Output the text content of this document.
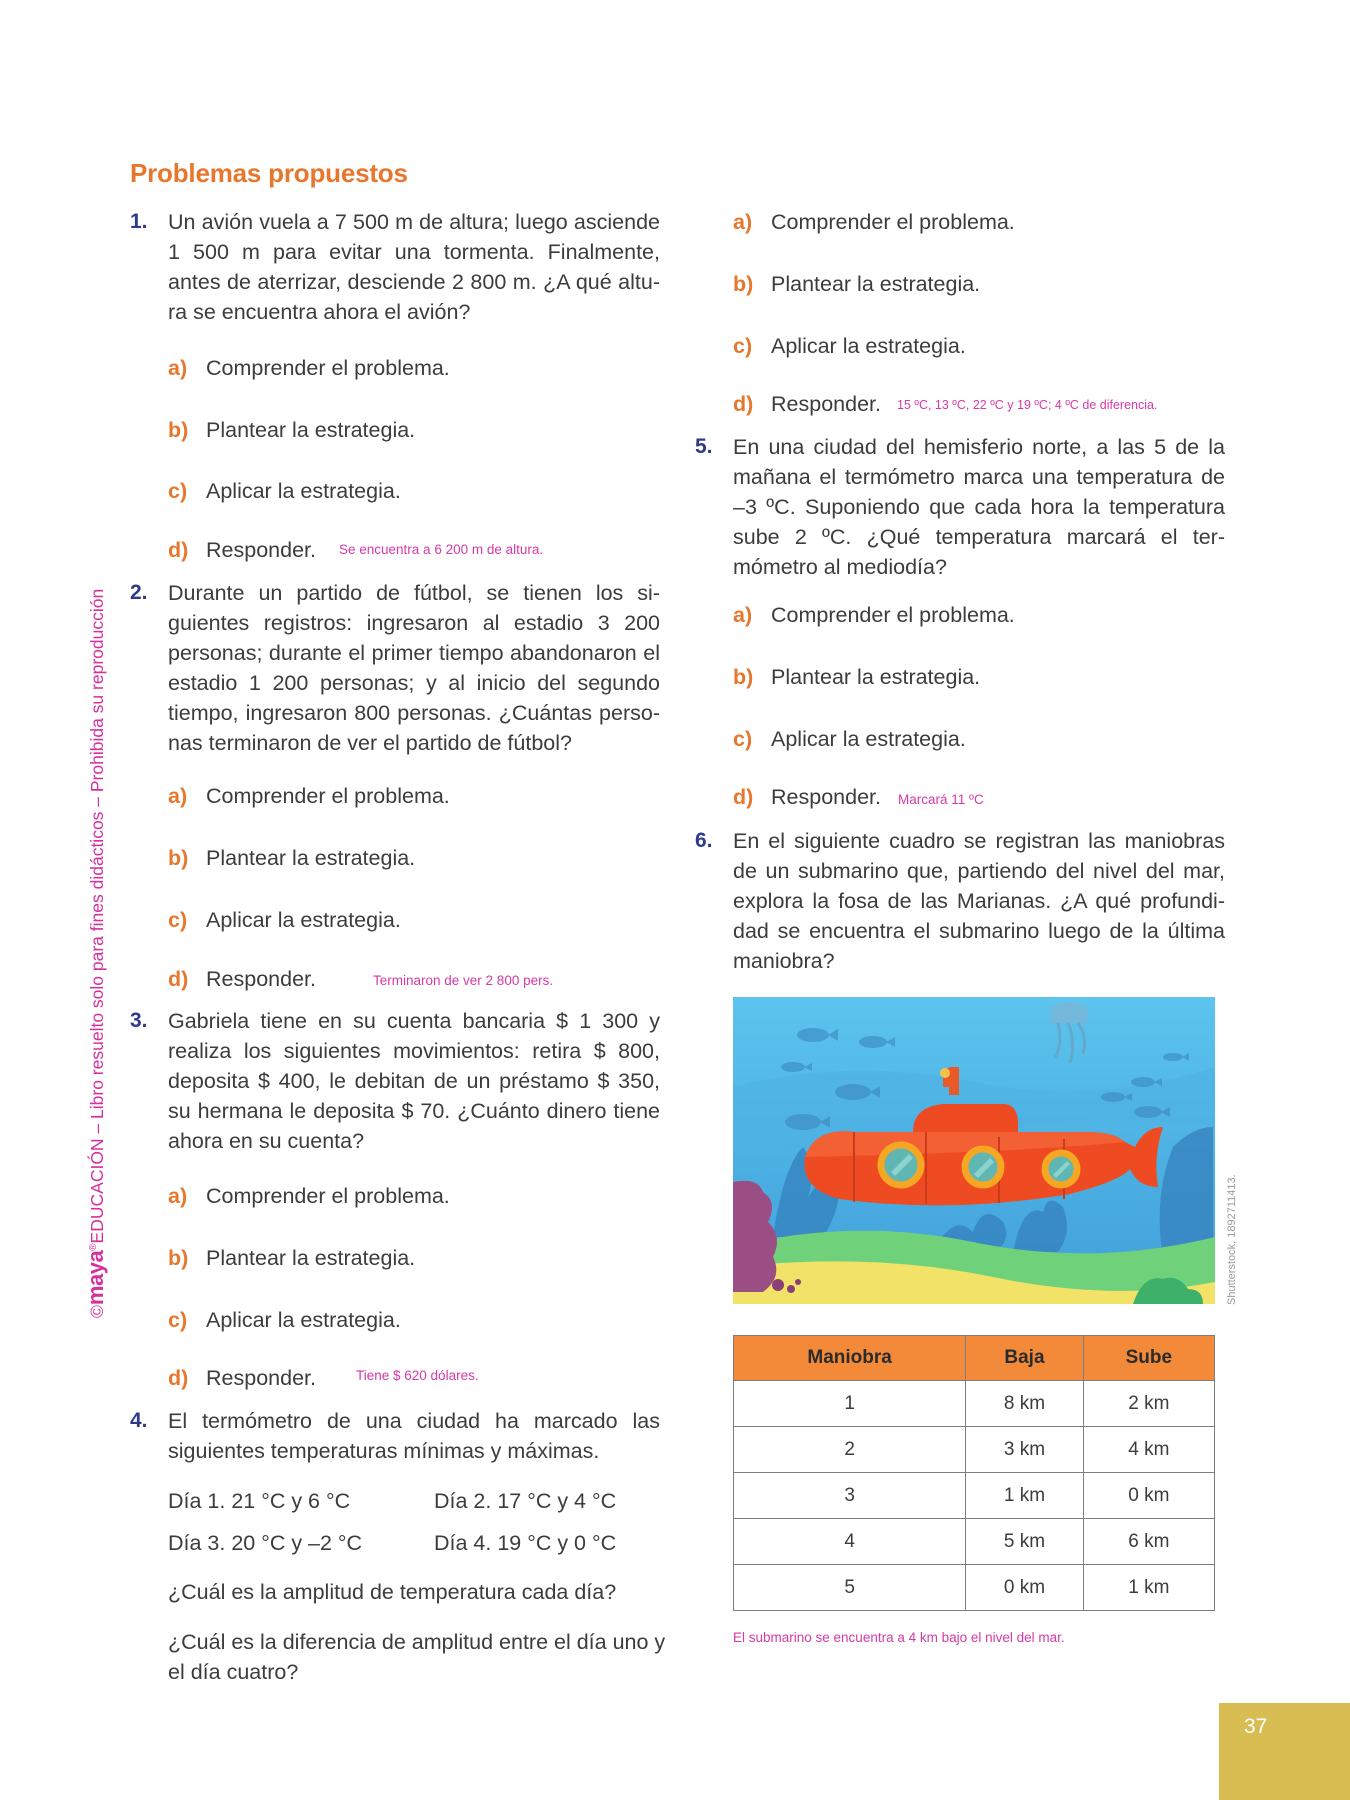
©maya®EDUCACIÓN – Libro resuelto solo para fines didácticos – Prohibida su reproducción
Problemas propuestos
1. Un avión vuela a 7 500 m de altura; luego asciende 1 500 m para evitar una tormenta. Finalmente, antes de aterrizar, desciende 2 800 m. ¿A qué altura se encuentra ahora el avión?
a) Comprender el problema.
b) Plantear la estrategia.
c) Aplicar la estrategia.
d) Responder. Se encuentra a 6 200 m de altura.
2. Durante un partido de fútbol, se tienen los siguientes registros: ingresaron al estadio 3 200 personas; durante el primer tiempo abandonaron el estadio 1 200 personas; y al inicio del segundo tiempo, ingresaron 800 personas. ¿Cuántas personas terminaron de ver el partido de fútbol?
a) Comprender el problema.
b) Plantear la estrategia.
c) Aplicar la estrategia.
d) Responder.	Terminaron de ver 2 800 pers.
3. Gabriela tiene en su cuenta bancaria $ 1 300 y realiza los siguientes movimientos: retira $ 800, deposita $ 400, le debitan de un préstamo $ 350, su hermana le deposita $ 70. ¿Cuánto dinero tiene ahora en su cuenta?
a) Comprender el problema.
b) Plantear la estrategia.
c) Aplicar la estrategia.
d) Responder.	Tiene $ 620 dólares.
4. El termómetro de una ciudad ha marcado las siguientes temperaturas mínimas y máximas.
Día 1. 21 °C y 6 °C	Día 2. 17 °C y 4 °C
Día 3. 20 °C y –2 °C	Día 4. 19 °C y 0 °C
¿Cuál es la amplitud de temperatura cada día?
¿Cuál es la diferencia de amplitud entre el día uno y el día cuatro?
a) Comprender el problema.
b) Plantear la estrategia.
c) Aplicar la estrategia.
d) Responder. 15 ºC, 13 ºC, 22 ºC y 19 ºC; 4 ºC de diferencia.
5. En una ciudad del hemisferio norte, a las 5 de la mañana el termómetro marca una temperatura de –3 ºC. Suponiendo que cada hora la temperatura sube 2 ºC. ¿Qué temperatura marcará el termómetro al mediodía?
a) Comprender el problema.
b) Plantear la estrategia.
c) Aplicar la estrategia.
d) Responder. Marcará 11 ºC
6. En el siguiente cuadro se registran las maniobras de un submarino que, partiendo del nivel del mar, explora la fosa de las Marianas. ¿A qué profundidad se encuentra el submarino luego de la última maniobra?
Shutterstock, 1892711413.
Maniobra	Baja	Sube
1	8 km	2 km
2	3 km	4 km
3	1 km	0 km
4	5 km	6 km
5	0 km	1 km
El submarino se encuentra a 4 km bajo el nivel del mar.
37
